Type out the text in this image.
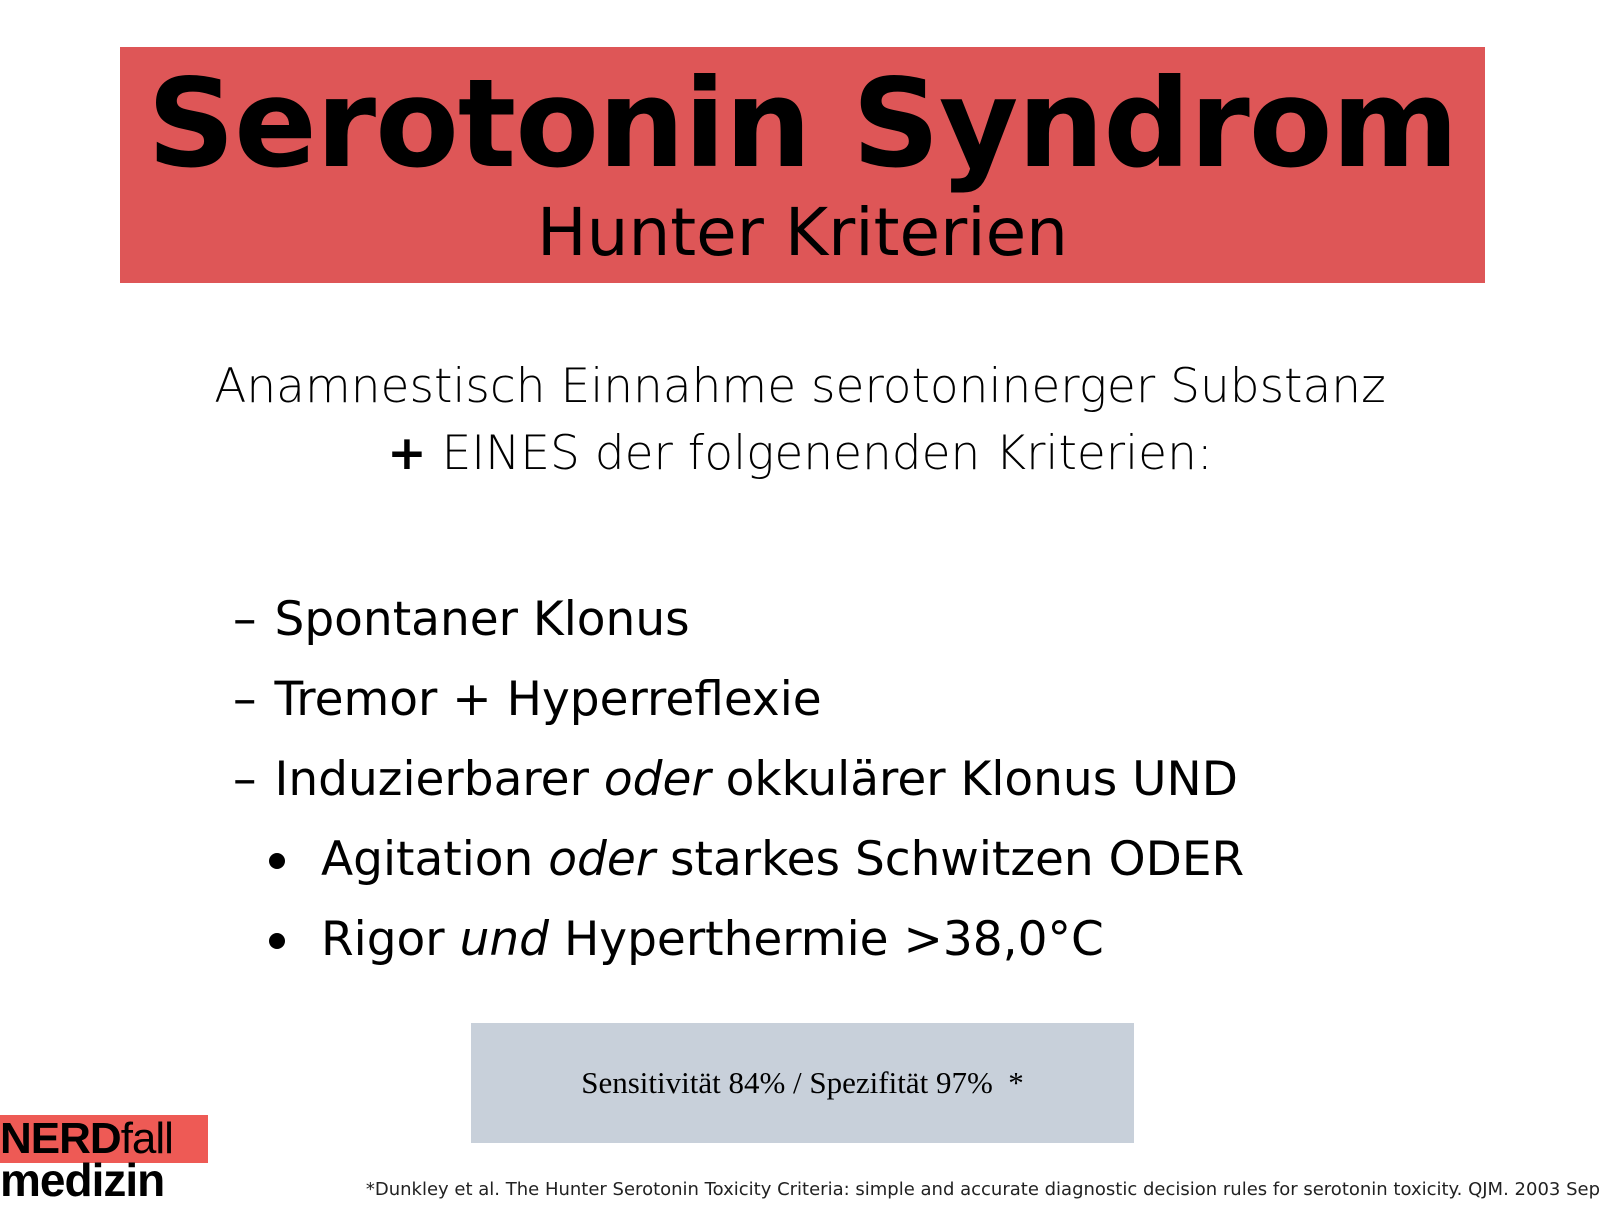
Serotonin Syndrom
Hunter Kriterien
Anamnestisch Einnahme serotoninerger Substanz
+ EINES der folgenenden Kriterien:
– Spontaner Klonus
– Tremor + Hyperreflexie
– Induzierbarer oder okkulärer Klonus UND
Agitation oder starkes Schwitzen ODER
Rigor und Hyperthermie >38,0°C
Sensitivität 84% / Spezifität 97%  *
NERDfall
medizin	*Dunkley et al. The Hunter Serotonin Toxicity Criteria: simple and accurate diagnostic decision rules for serotonin toxicity. QJM. 2003 Sep
